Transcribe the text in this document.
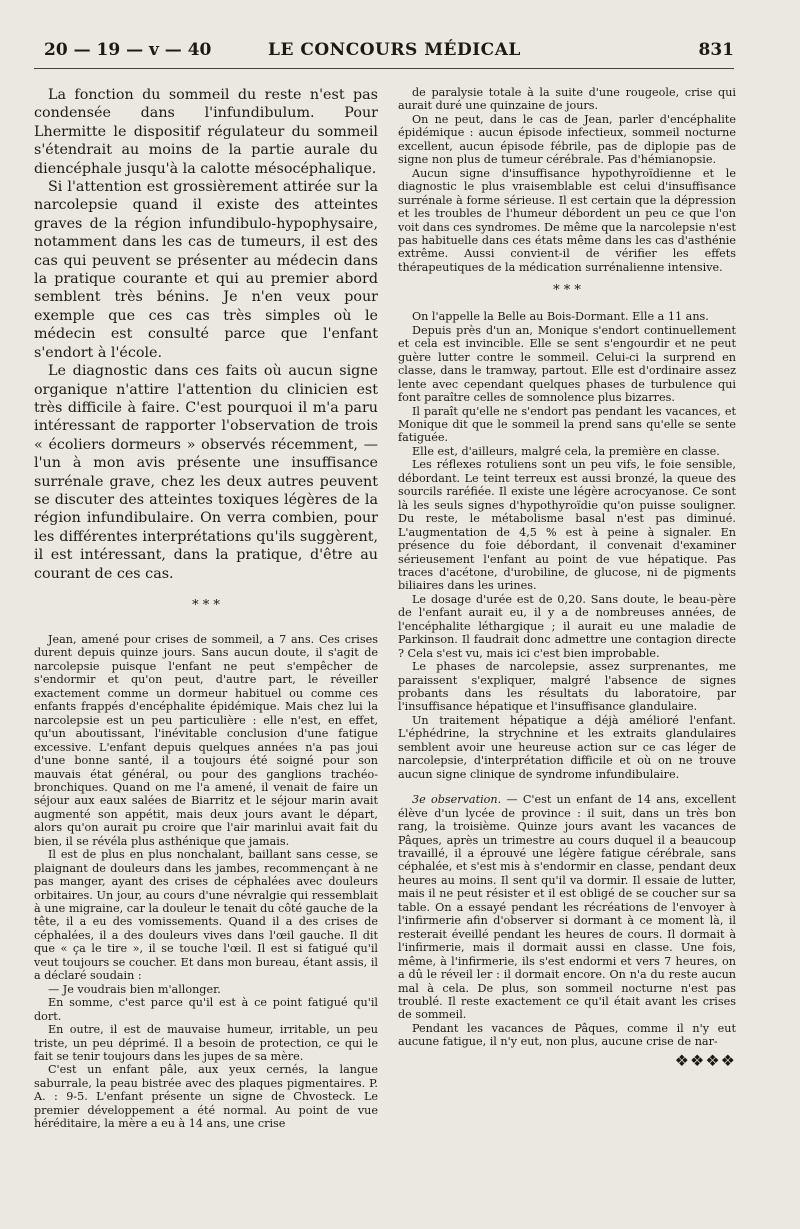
20 — 19 — v — 40	LE CONCOURS MÉDICAL	831

La fonction du sommeil du reste n'est pas condensée dans l'infundibulum. Pour Lhermitte le dispositif régulateur du sommeil s'étendrait au moins de la partie aurale du diencéphale jusqu'à la calotte mésocéphalique.

Si l'attention est grossièrement attirée sur la narcolepsie quand il existe des atteintes graves de la région infundibulo-hypophysaire, notamment dans les cas de tumeurs, il est des cas qui peuvent se présenter au médecin dans la pratique courante et qui au premier abord semblent très bénins. Je n'en veux pour exemple que ces cas très simples où le médecin est consulté parce que l'enfant s'endort à l'école.

Le diagnostic dans ces faits où aucun signe organique n'attire l'attention du clinicien est très difficile à faire. C'est pourquoi il m'a paru intéressant de rapporter l'observation de trois « écoliers dormeurs » observés récemment, — l'un à mon avis présente une insuffisance surrénale grave, chez les deux autres peuvent se discuter des atteintes toxiques légères de la région infundibulaire. On verra combien, pour les différentes interprétations qu'ils suggèrent, il est intéressant, dans la pratique, d'être au courant de ces cas.

* * *

Jean, amené pour crises de sommeil, a 7 ans. Ces crises durent depuis quinze jours. Sans aucun doute, il s'agit de narcolepsie puisque l'enfant ne peut s'empêcher de s'endormir et qu'on peut, d'autre part, le réveiller exactement comme un dormeur habituel ou comme ces enfants frappés d'encéphalite épidémique. Mais chez lui la narcolepsie est un peu particulière : elle n'est, en effet, qu'un aboutissant, l'inévitable conclusion d'une fatigue excessive. L'enfant depuis quelques années n'a pas joui d'une bonne santé, il a toujours été soigné pour son mauvais état général, ou pour des ganglions trachéo-bronchiques. Quand on me l'a amené, il venait de faire un séjour aux eaux salées de Biarritz et le séjour marin avait augmenté son appétit, mais deux jours avant le départ, alors qu'on aurait pu croire que l'air marinlui avait fait du bien, il se révéla plus asthénique que jamais.

Il est de plus en plus nonchalant, baillant sans cesse, se plaignant de douleurs dans les jambes, recommençant à ne pas manger, ayant des crises de céphalées avec douleurs orbitaires. Un jour, au cours d'une névralgie qui ressemblait à une migraine, car la douleur le tenait du côté gauche de la tête, il a eu des vomissements. Quand il a des crises de céphalées, il a des douleurs vives dans l'œil gauche. Il dit que « ça le tire », il se touche l'œil. Il est si fatigué qu'il veut toujours se coucher. Et dans mon bureau, étant assis, il a déclaré soudain :

— Je voudrais bien m'allonger.

En somme, c'est parce qu'il est à ce point fatigué qu'il dort.

En outre, il est de mauvaise humeur, irritable, un peu triste, un peu déprimé. Il a besoin de protection, ce qui le fait se tenir toujours dans les jupes de sa mère.

C'est un enfant pâle, aux yeux cernés, la langue saburrale, la peau bistrée avec des plaques pigmentaires. P. A. : 9-5. L'enfant présente un signe de Chvosteck. Le premier développement a été normal. Au point de vue héréditaire, la mère a eu à 14 ans, une crise

de paralysie totale à la suite d'une rougeole, crise qui aurait duré une quinzaine de jours.

On ne peut, dans le cas de Jean, parler d'encéphalite épidémique : aucun épisode infectieux, sommeil nocturne excellent, aucun épisode fébrile, pas de diplopie pas de signe non plus de tumeur cérébrale. Pas d'hémianopsie.

Aucun signe d'insuffisance hypothyroïdienne et le diagnostic le plus vraisemblable est celui d'insuffisance surrénale à forme sérieuse. Il est certain que la dépression et les troubles de l'humeur débordent un peu ce que l'on voit dans ces syndromes. De même que la narcolepsie n'est pas habituelle dans ces états même dans les cas d'asthénie extrême. Aussi convient-il de vérifier les effets thérapeutiques de la médication surrénalienne intensive.

* * *

On l'appelle la Belle au Bois-Dormant. Elle a 11 ans.

Depuis près d'un an, Monique s'endort continuellement et cela est invincible. Elle se sent s'engourdir et ne peut guère lutter contre le sommeil. Celui-ci la surprend en classe, dans le tramway, partout. Elle est d'ordinaire assez lente avec cependant quelques phases de turbulence qui font paraître celles de somnolence plus bizarres.

Il paraît qu'elle ne s'endort pas pendant les vacances, et Monique dit que le sommeil la prend sans qu'elle se sente fatiguée.

Elle est, d'ailleurs, malgré cela, la première en classe.

Les réflexes rotuliens sont un peu vifs, le foie sensible, débordant. Le teint terreux est aussi bronzé, la queue des sourcils raréfiée. Il existe une légère acrocyanose. Ce sont là les seuls signes d'hypothyroïdie qu'on puisse souligner. Du reste, le métabolisme basal n'est pas diminué. L'augmentation de 4,5 % est à peine à signaler. En présence du foie débordant, il convenait d'examiner sérieusement l'enfant au point de vue hépatique. Pas traces d'acétone, d'urobiline, de glucose, ni de pigments biliaires dans les urines.

Le dosage d'urée est de 0,20. Sans doute, le beau-père de l'enfant aurait eu, il y a de nombreuses années, de l'encéphalite léthargique ; il aurait eu une maladie de Parkinson. Il faudrait donc admettre une contagion directe ? Cela s'est vu, mais ici c'est bien improbable.

Le phases de narcolepsie, assez surprenantes, me paraissent s'expliquer, malgré l'absence de signes probants dans les résultats du laboratoire, par l'insuffisance hépatique et l'insuffisance glandulaire.

Un traitement hépatique a déjà amélioré l'enfant. L'éphédrine, la strychnine et les extraits glandulaires semblent avoir une heureuse action sur ce cas léger de narcolepsie, d'interprétation difficile et où on ne trouve aucun signe clinique de syndrome infundibulaire.

3e observation. — C'est un enfant de 14 ans, excellent élève d'un lycée de province : il suit, dans un très bon rang, la troisième. Quinze jours avant les vacances de Pâques, après un trimestre au cours duquel il a beaucoup travaillé, il a éprouvé une légère fatigue cérébrale, sans céphalée, et s'est mis à s'endormir en classe, pendant deux heures au moins. Il sent qu'il va dormir. Il essaie de lutter, mais il ne peut résister et il est obligé de se coucher sur sa table. On a essayé pendant les récréations de l'envoyer à l'infirmerie afin d'observer si dormant à ce moment là, il resterait éveillé pendant les heures de cours. Il dormait à l'infirmerie, mais il dormait aussi en classe. Une fois, même, à l'infirmerie, ils s'est endormi et vers 7 heures, on a dû le réveil ler : il dormait encore. On n'a du reste aucun mal à cela. De plus, son sommeil nocturne n'est pas troublé. Il reste exactement ce qu'il était avant les crises de sommeil.

Pendant les vacances de Pâques, comme il n'y eut aucune fatigue, il n'y eut, non plus, aucune crise de nar-

❖❖❖❖
